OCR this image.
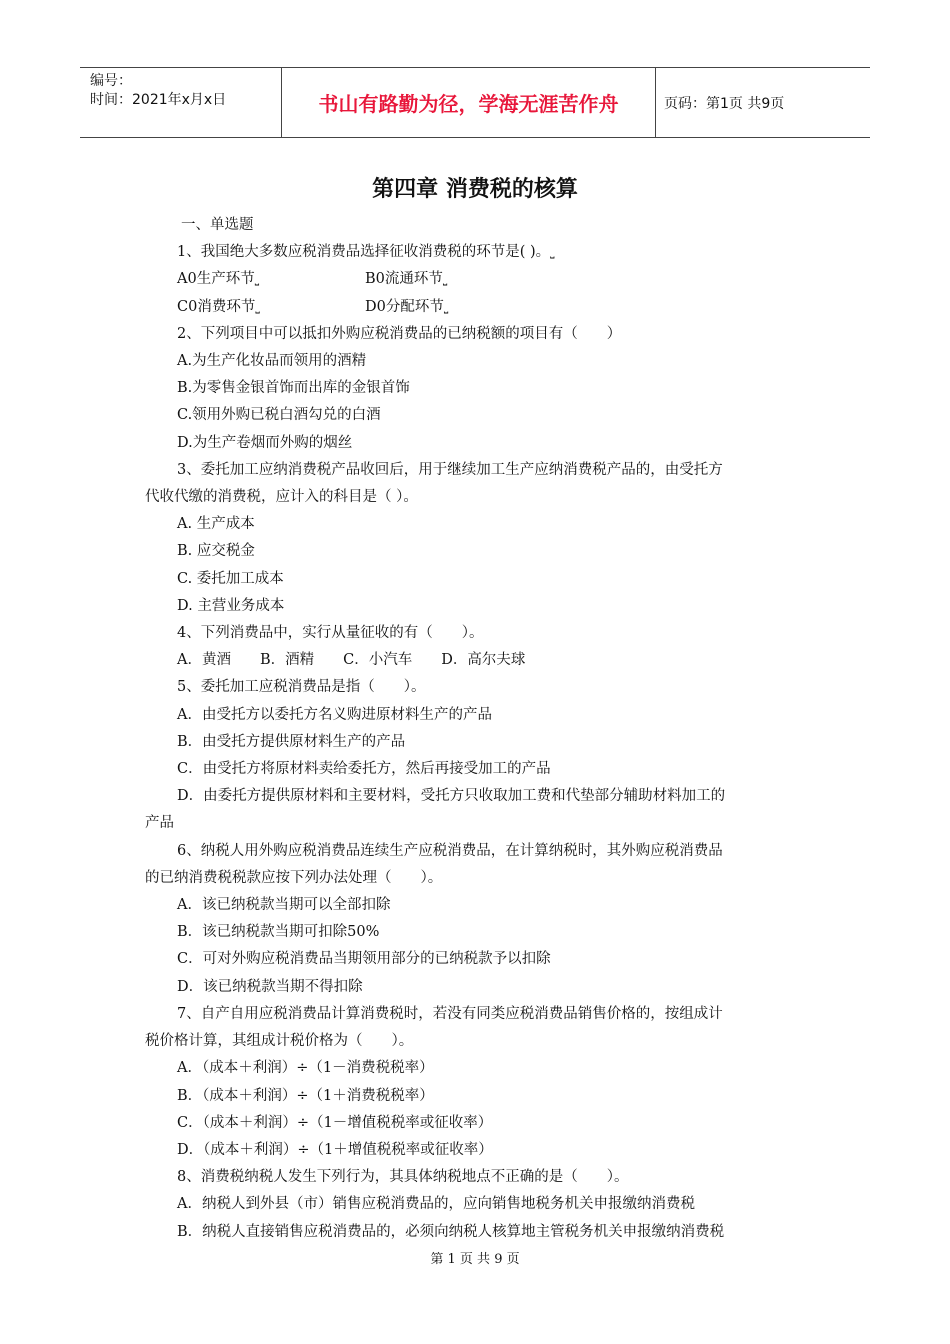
编号：
时间：2021年x月x日	书山有路勤为径，学海无涯苦作舟	页码：第1页 共9页
第四章 消费税的核算
一、单选题
1、我国绝大多数应税消费品选择征收消费税的环节是( )。⎵
A0生产环节⎵	B0流通环节⎵
C0消费环节⎵	D0分配环节⎵
2、下列项目中可以抵扣外购应税消费品的已纳税额的项目有（　　）
A.为生产化妆品而领用的酒精
B.为零售金银首饰而出库的金银首饰
C.领用外购已税白酒勾兑的白酒
D.为生产卷烟而外购的烟丝
3、委托加工应纳消费税产品收回后，用于继续加工生产应纳消费税产品的，由受托方
代收代缴的消费税，应计入的科目是（ ）。
A. 生产成本
B. 应交税金
C. 委托加工成本
D. 主营业务成本
4、下列消费品中，实行从量征收的有（　　）。
A．黄酒　　B．酒精　　C．小汽车　　D．高尔夫球
5、委托加工应税消费品是指（　　）。
A．由受托方以委托方名义购进原材料生产的产品
B．由受托方提供原材料生产的产品
C．由受托方将原材料卖给委托方，然后再接受加工的产品
D．由委托方提供原材料和主要材料，受托方只收取加工费和代垫部分辅助材料加工的
产品
6、纳税人用外购应税消费品连续生产应税消费品，在计算纳税时，其外购应税消费品
的已纳消费税税款应按下列办法处理（　　）。
A．该已纳税款当期可以全部扣除
B．该已纳税款当期可扣除50%
C．可对外购应税消费品当期领用部分的已纳税款予以扣除
D．该已纳税款当期不得扣除
7、自产自用应税消费品计算消费税时，若没有同类应税消费品销售价格的，按组成计
税价格计算，其组成计税价格为（　　）。
A．（成本＋利润）÷（1－消费税税率）
B．（成本＋利润）÷（1＋消费税税率）
C．（成本＋利润）÷（1－增值税税率或征收率）
D．（成本＋利润）÷（1＋增值税税率或征收率）
8、消费税纳税人发生下列行为，其具体纳税地点不正确的是（　　）。
A．纳税人到外县（市）销售应税消费品的，应向销售地税务机关申报缴纳消费税
B．纳税人直接销售应税消费品的，必须向纳税人核算地主管税务机关申报缴纳消费税
第 1 页 共 9 页
